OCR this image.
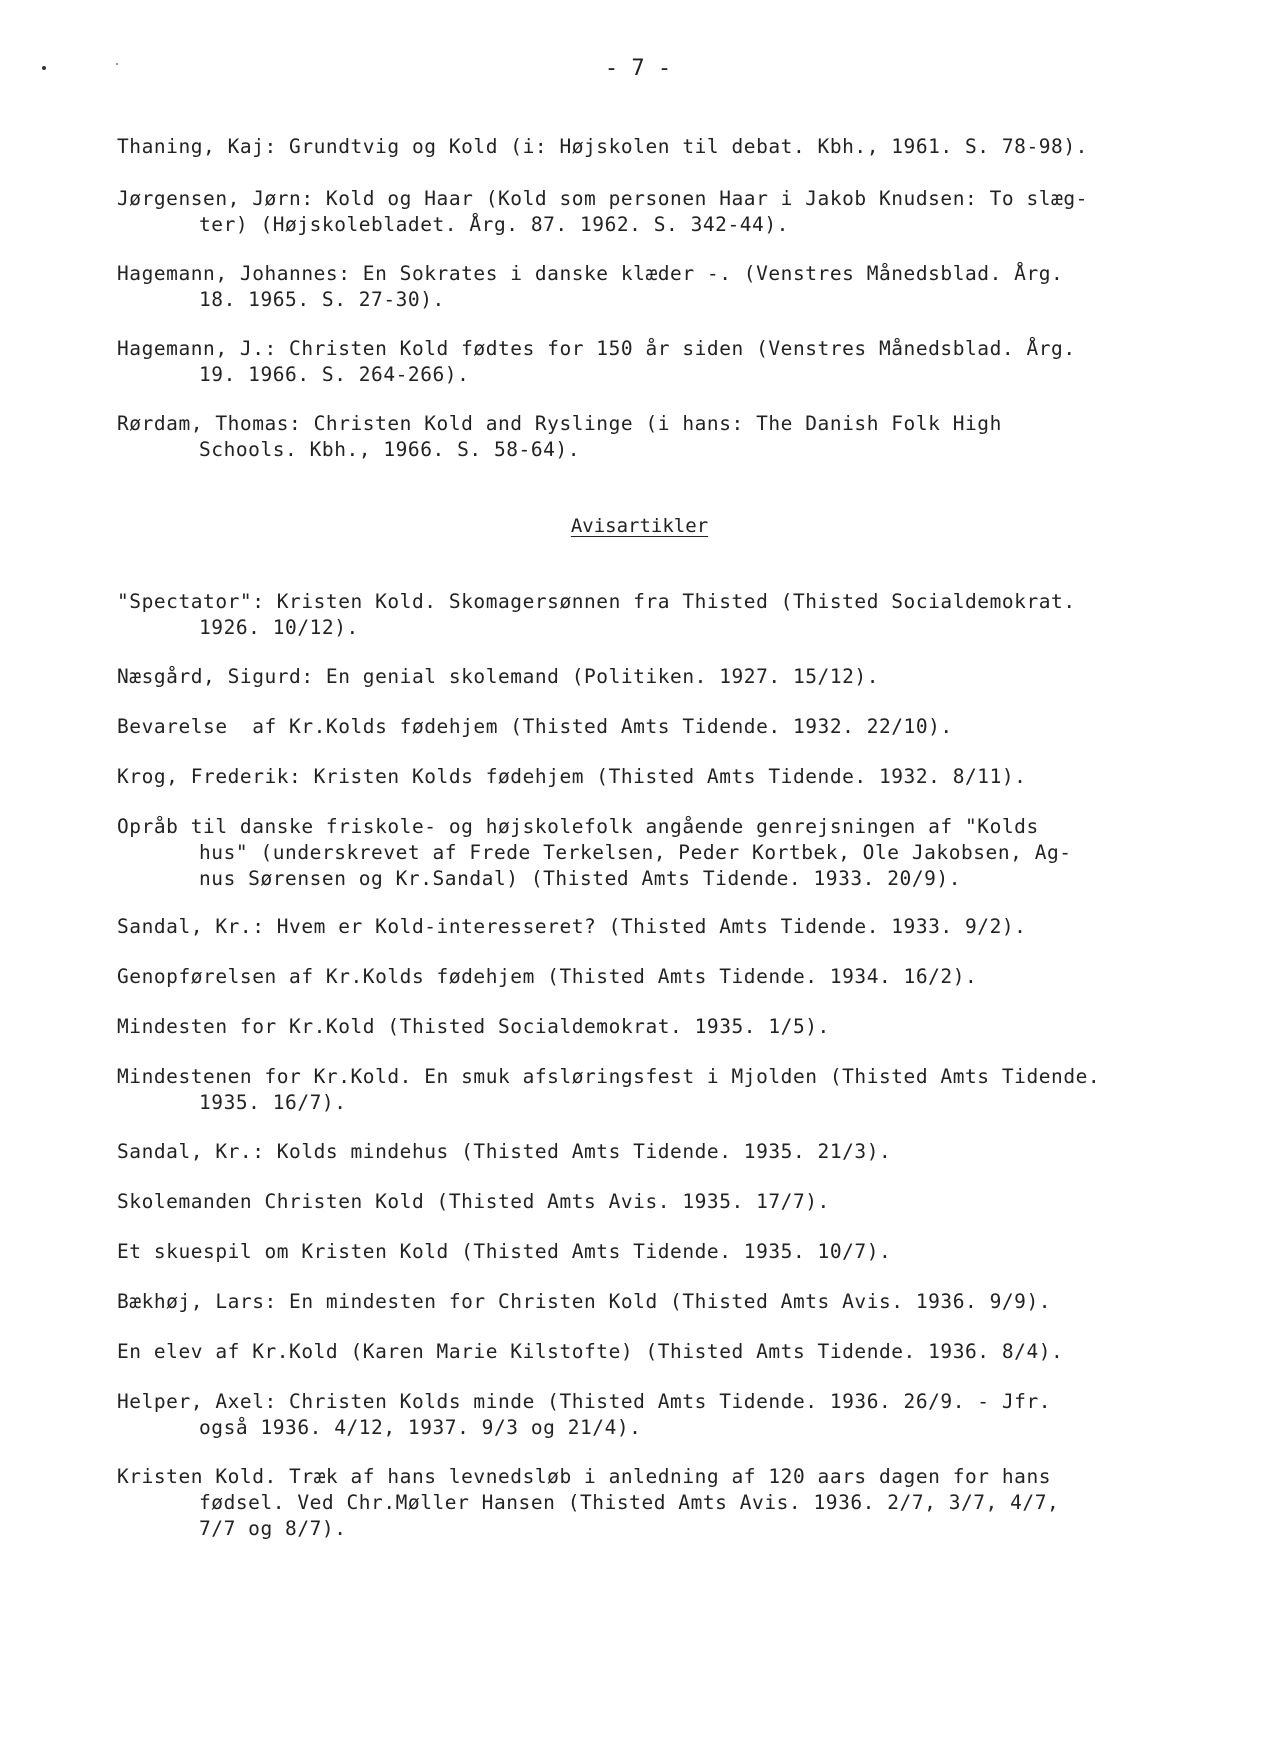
- 7 -
Thaning, Kaj: Grundtvig og Kold (i: Højskolen til debat. Kbh., 1961. S. 78-98).
Jørgensen, Jørn: Kold og Haar (Kold som personen Haar i Jakob Knudsen: To slæg-
ter) (Højskolebladet. Årg. 87. 1962. S. 342-44).
Hagemann, Johannes: En Sokrates i danske klæder -. (Venstres Månedsblad. Årg.
18. 1965. S. 27-30).
Hagemann, J.: Christen Kold fødtes for 150 år siden (Venstres Månedsblad. Årg.
19. 1966. S. 264-266).
Rørdam, Thomas: Christen Kold and Ryslinge (i hans: The Danish Folk High
Schools. Kbh., 1966. S. 58-64).
Avisartikler
"Spectator": Kristen Kold. Skomagersønnen fra Thisted (Thisted Socialdemokrat.
1926. 10/12).
Næsgård, Sigurd: En genial skolemand (Politiken. 1927. 15/12).
Bevarelse  af Kr.Kolds fødehjem (Thisted Amts Tidende. 1932. 22/10).
Krog, Frederik: Kristen Kolds fødehjem (Thisted Amts Tidende. 1932. 8/11).
Opråb til danske friskole- og højskolefolk angående genrejsningen af "Kolds
hus" (underskrevet af Frede Terkelsen, Peder Kortbek, Ole Jakobsen, Ag-
nus Sørensen og Kr.Sandal) (Thisted Amts Tidende. 1933. 20/9).
Sandal, Kr.: Hvem er Kold-interesseret? (Thisted Amts Tidende. 1933. 9/2).
Genopførelsen af Kr.Kolds fødehjem (Thisted Amts Tidende. 1934. 16/2).
Mindesten for Kr.Kold (Thisted Socialdemokrat. 1935. 1/5).
Mindestenen for Kr.Kold. En smuk afsløringsfest i Mjolden (Thisted Amts Tidende.
1935. 16/7).
Sandal, Kr.: Kolds mindehus (Thisted Amts Tidende. 1935. 21/3).
Skolemanden Christen Kold (Thisted Amts Avis. 1935. 17/7).
Et skuespil om Kristen Kold (Thisted Amts Tidende. 1935. 10/7).
Bækhøj, Lars: En mindesten for Christen Kold (Thisted Amts Avis. 1936. 9/9).
En elev af Kr.Kold (Karen Marie Kilstofte) (Thisted Amts Tidende. 1936. 8/4).
Helper, Axel: Christen Kolds minde (Thisted Amts Tidende. 1936. 26/9. - Jfr.
også 1936. 4/12, 1937. 9/3 og 21/4).
Kristen Kold. Træk af hans levnedsløb i anledning af 120 aars dagen for hans
fødsel. Ved Chr.Møller Hansen (Thisted Amts Avis. 1936. 2/7, 3/7, 4/7,
7/7 og 8/7).
